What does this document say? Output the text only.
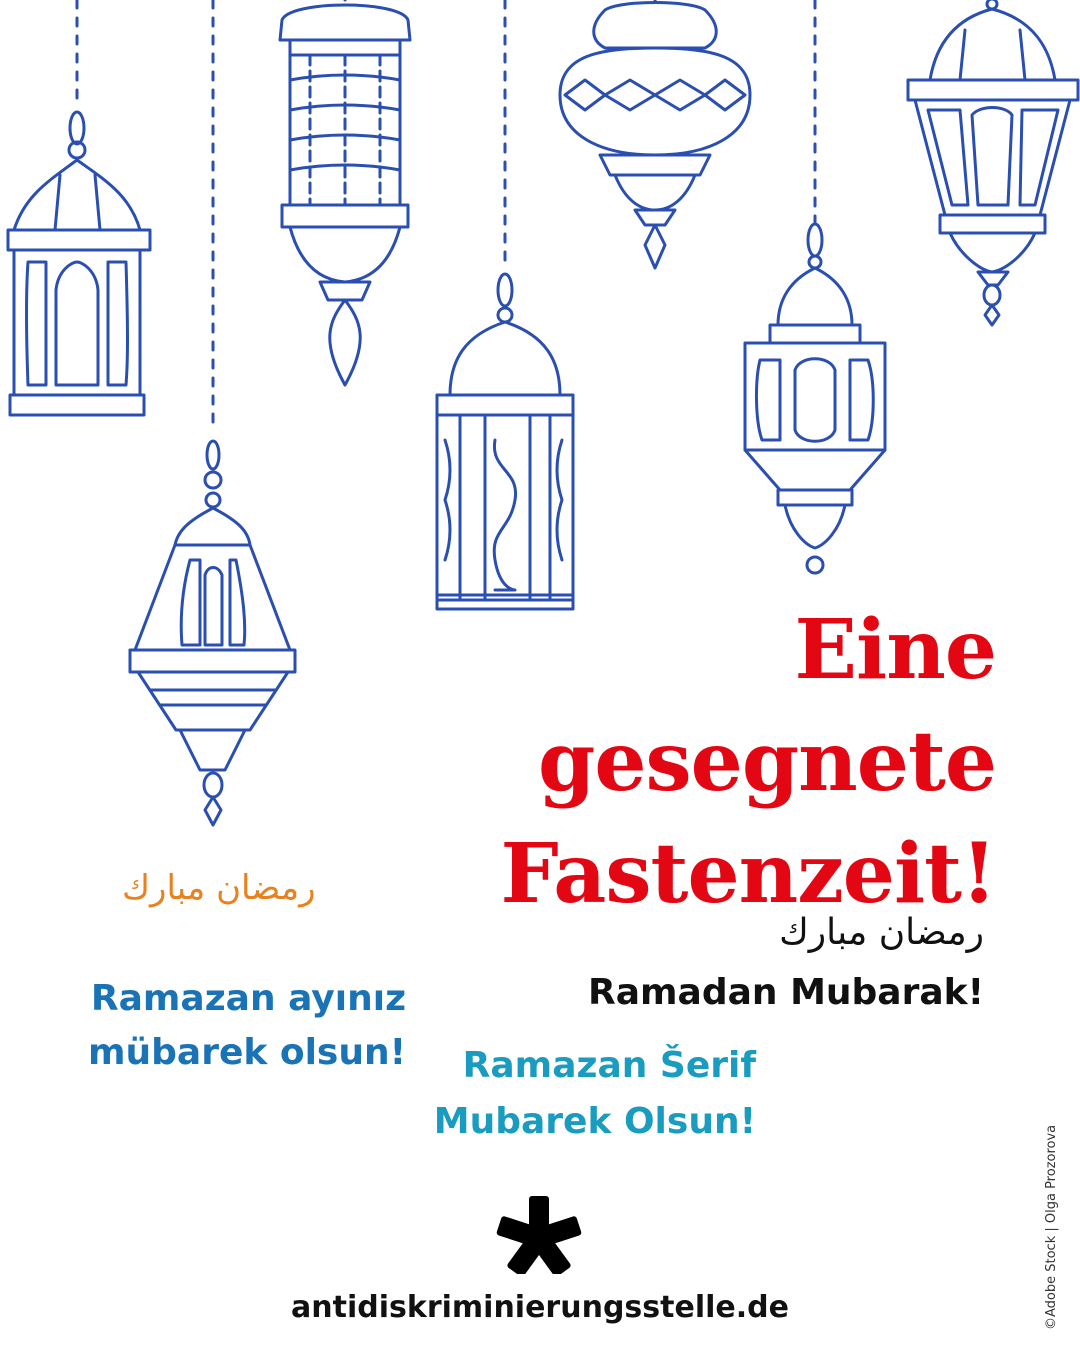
Eine
gesegnete
Fastenzeit!
رمضان مبارك
Ramadan Mubarak!
رمضان مبارك
Ramazan ayınız
mübarek olsun!	Ramazan Šerif
Mubarek Olsun!
antidiskriminierungsstelle.de	©Adobe Stock | Olga Prozorova
